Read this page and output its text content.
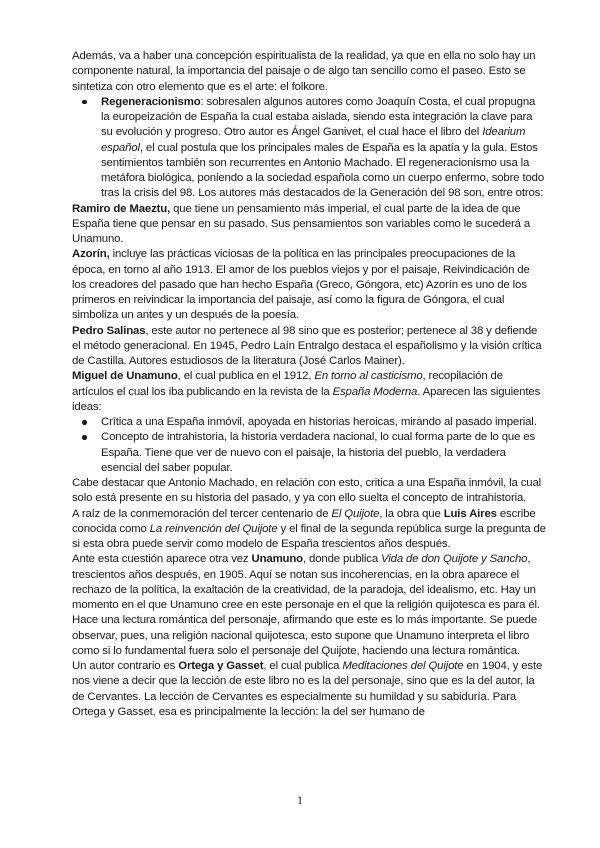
Además, va a haber una concepción espiritualista de la realidad, ya que en ella no solo hay un componente natural, la importancia del paisaje o de algo tan sencillo como el paseo. Esto se sintetiza con otro elemento que es el arte: el folkore.

Regeneracionismo: sobresalen algunos autores como Joaquín Costa, el cual propugna la europeización de España la cual estaba aislada, siendo esta integración la clave para su evolución y progreso. Otro autor es Ángel Ganivet, el cual hace el libro del Idearium español, el cual postula que los principales males de España es la apatía y la gula. Estos sentimientos también son recurrentes en Antonio Machado. El regeneracionismo usa la metáfora biológica, poniendo a la sociedad española como un cuerpo enfermo, sobre todo tras la crisis del 98. Los autores más destacados de la Generación del 98 son, entre otros:

Ramiro de Maeztu, que tiene un pensamiento más imperial, el cual parte de la idea de que España tiene que pensar en su pasado. Sus pensamientos son variables como le sucederá a Unamuno.

Azorín, incluye las prácticas viciosas de la política en las principales preocupaciones de la época, en torno al año 1913. El amor de los pueblos viejos y por el paisaje, Reivindicación de los creadores del pasado que han hecho España (Greco, Góngora, etc) Azorín es uno de los primeros en reivindicar la importancia del paisaje, así como la figura de Góngora, el cual simboliza un antes y un después de la poesía.

Pedro Salinas, este autor no pertenece al 98 sino que es posterior; pertenece al 38 y defiende el método generacional. En 1945, Pedro Laín Entralgo destaca el españolismo y la visión crítica de Castilla. Autores estudiosos de la literatura (José Carlos Mainer).

Miguel de Unamuno, el cual publica en el 1912, En torno al casticismo, recopilación de artículos el cual los iba publicando en la revista de la España Moderna. Aparecen las siguientes ideas:

Crítica a una España inmóvil, apoyada en historias heroicas, mirando al pasado imperial.
Concepto de intrahistoria, la historia verdadera nacional, lo cual forma parte de lo que es España. Tiene que ver de nuevo con el paisaje, la historia del pueblo, la verdadera esencial del saber popular.

Cabe destacar que Antonio Machado, en relación con esto, critica a una España inmóvil, la cual solo está presente en su historia del pasado, y ya con ello suelta el concepto de intrahistoria.

A raíz de la conmemoración del tercer centenario de El Quijote, la obra que Luis Aires escribe conocida como La reinvención del Quijote y el final de la segunda república surge la pregunta de si esta obra puede servir como modelo de España trescientos años después.

Ante esta cuestión aparece otra vez Unamuno, donde publica Vida de don Quijote y Sancho, trescientos años después, en 1905. Aquí se notan sus incoherencias, en la obra aparece el rechazo de la política, la exaltación de la creatividad, de la paradoja, del idealismo, etc. Hay un momento en el que Unamuno cree en este personaje en el que la religión quijotesca es para él. Hace una lectura romántica del personaje, afirmando que este es lo más importante. Se puede observar, pues, una religión nacional quijotesca, esto supone que Unamuno interpreta el libro como si lo fundamental fuera solo el personaje del Quijote, haciendo una lectura romántica.

Un autor contrario es Ortega y Gasset, el cual publica Meditaciones del Quijote en 1904, y este nos viene a decir que la lección de este libro no es la del personaje, sino que es la del autor, la de Cervantes. La lección de Cervantes es especialmente su humildad y su sabiduría. Para Ortega y Gasset, esa es principalmente la lección: la del ser humano de

1
